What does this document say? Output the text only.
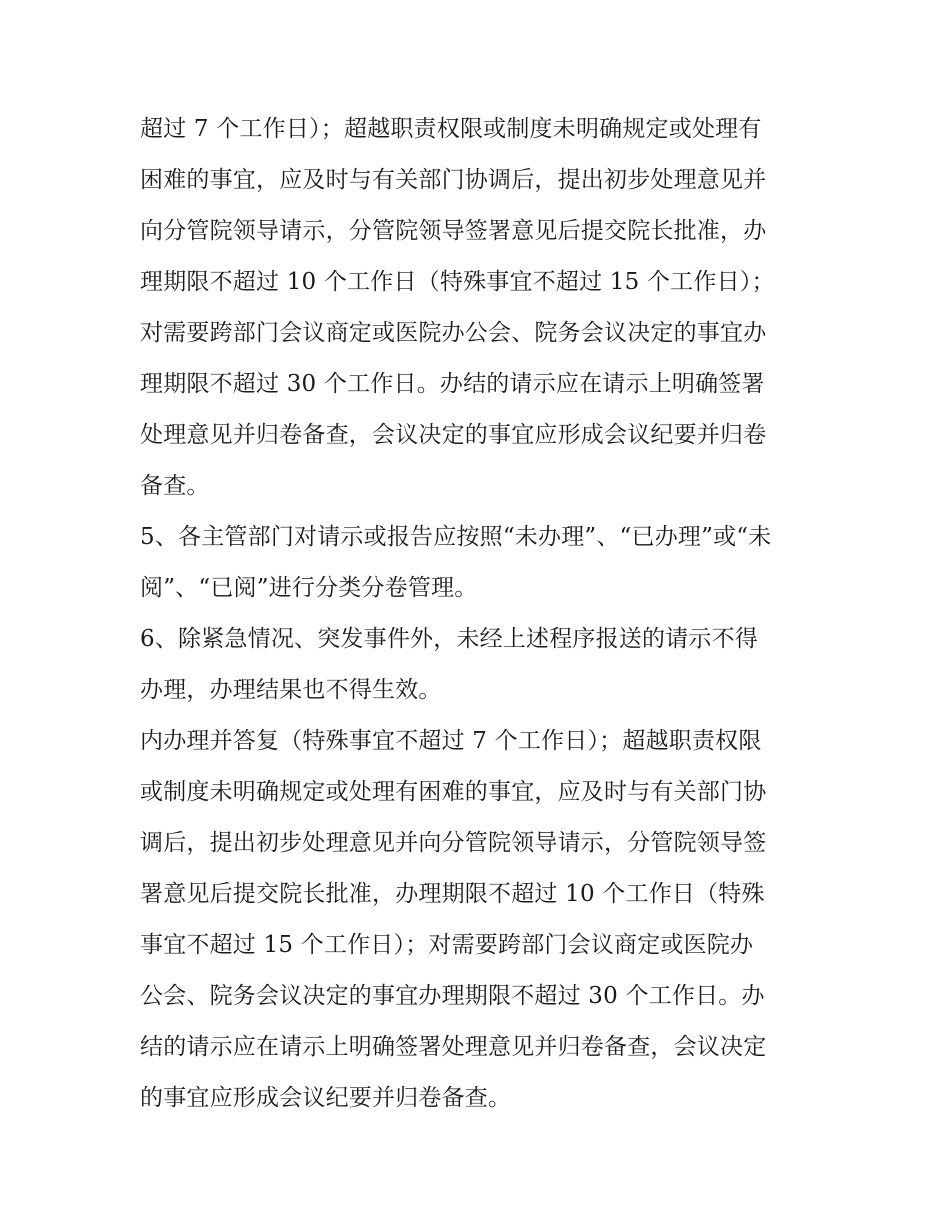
超过 7 个工作日）；超越职责权限或制度未明确规定或处理有
困难的事宜，应及时与有关部门协调后，提出初步处理意见并
向分管院领导请示，分管院领导签署意见后提交院长批准，办
理期限不超过 10 个工作日（特殊事宜不超过 15 个工作日）；
对需要跨部门会议商定或医院办公会、院务会议决定的事宜办
理期限不超过 30 个工作日。办结的请示应在请示上明确签署
处理意见并归卷备查，会议决定的事宜应形成会议纪要并归卷
备查。
5、各主管部门对请示或报告应按照“未办理”、“已办理”或“未
阅”、“已阅”进行分类分卷管理。
6、除紧急情况、突发事件外，未经上述程序报送的请示不得
办理，办理结果也不得生效。
内办理并答复（特殊事宜不超过 7 个工作日）；超越职责权限
或制度未明确规定或处理有困难的事宜，应及时与有关部门协
调后，提出初步处理意见并向分管院领导请示，分管院领导签
署意见后提交院长批准，办理期限不超过 10 个工作日（特殊
事宜不超过 15 个工作日）；对需要跨部门会议商定或医院办
公会、院务会议决定的事宜办理期限不超过 30 个工作日。办
结的请示应在请示上明确签署处理意见并归卷备查，会议决定
的事宜应形成会议纪要并归卷备查。
